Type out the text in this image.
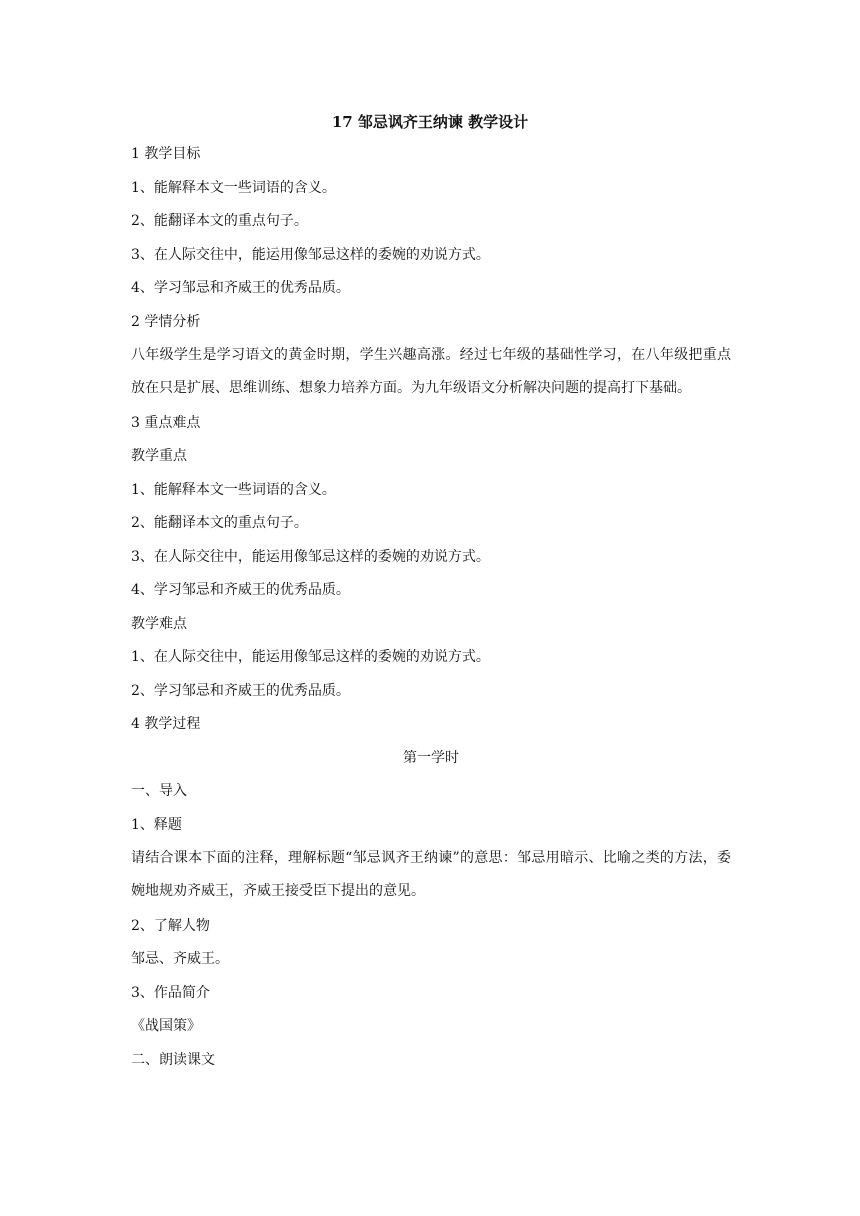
17 邹忌讽齐王纳谏 教学设计
1 教学目标
1、能解释本文一些词语的含义。
2、能翻译本文的重点句子。
3、在人际交往中，能运用像邹忌这样的委婉的劝说方式。
4、学习邹忌和齐威王的优秀品质。
2 学情分析
八年级学生是学习语文的黄金时期，学生兴趣高涨。经过七年级的基础性学习，在八年级把重点放在只是扩展、思维训练、想象力培养方面。为九年级语文分析解决问题的提高打下基础。
3 重点难点
教学重点
1、能解释本文一些词语的含义。
2、能翻译本文的重点句子。
3、在人际交往中，能运用像邹忌这样的委婉的劝说方式。
4、学习邹忌和齐威王的优秀品质。
教学难点
1、在人际交往中，能运用像邹忌这样的委婉的劝说方式。
2、学习邹忌和齐威王的优秀品质。
4 教学过程
第一学时
一、导入
1、释题
请结合课本下面的注释，理解标题“邹忌讽齐王纳谏”的意思：邹忌用暗示、比喻之类的方法，委婉地规劝齐威王，齐威王接受臣下提出的意见。
2、了解人物
邹忌、齐威王。
3、作品简介
《战国策》
二、朗读课文
